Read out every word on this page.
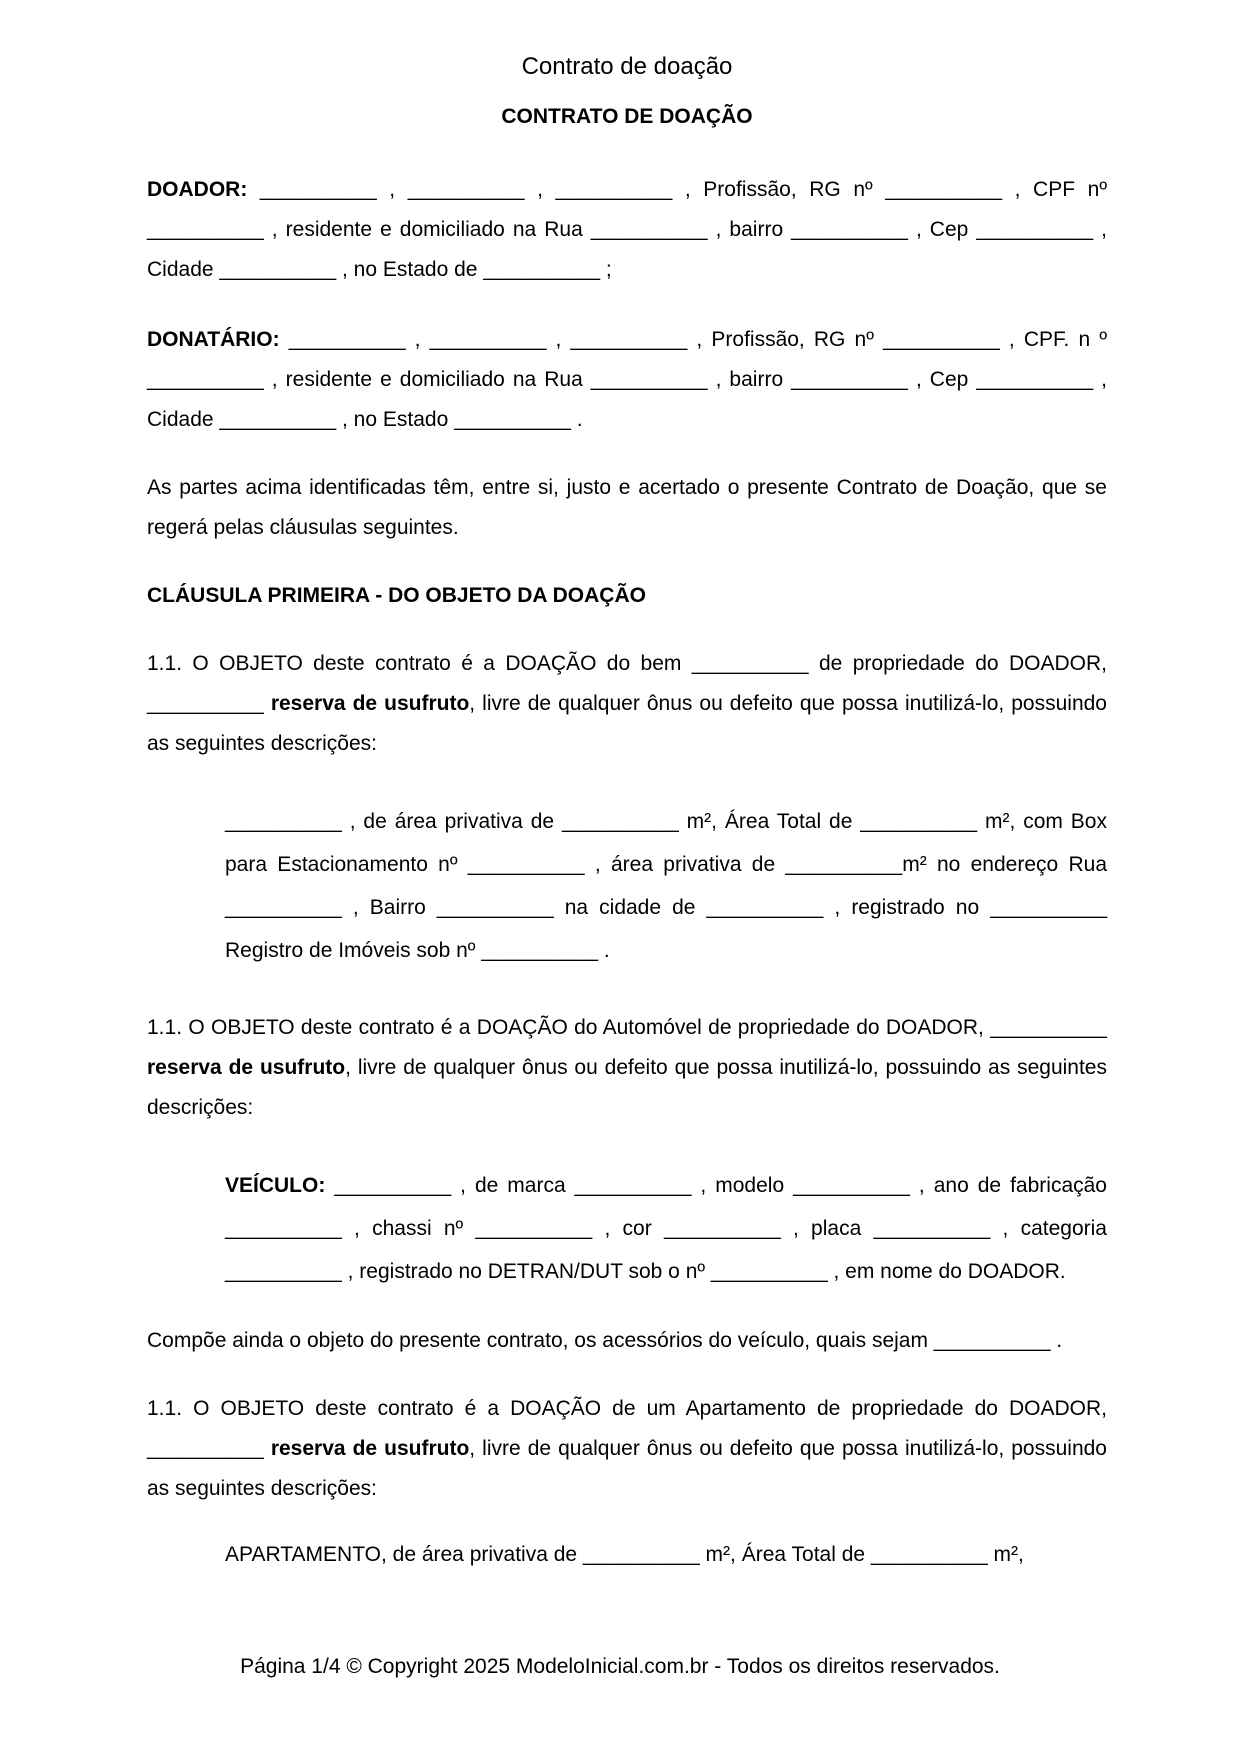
Contrato de doação
CONTRATO DE DOAÇÃO

DOADOR: __________ , __________ , __________ , Profissão, RG nº __________ , CPF nº __________ , residente e domiciliado na Rua __________ , bairro __________ , Cep __________ , Cidade __________ , no Estado de __________ ;

DONATÁRIO: __________ , __________ , __________ , Profissão, RG nº __________ , CPF. n º __________ , residente e domiciliado na Rua __________ , bairro __________ , Cep __________ , Cidade __________ , no Estado __________ .

As partes acima identificadas têm, entre si, justo e acertado o presente Contrato de Doação, que se regerá pelas cláusulas seguintes.

CLÁUSULA PRIMEIRA - DO OBJETO DA DOAÇÃO

1.1. O OBJETO deste contrato é a DOAÇÃO do bem __________ de propriedade do DOADOR, __________ reserva de usufruto, livre de qualquer ônus ou defeito que possa inutilizá-lo, possuindo as seguintes descrições:

__________ , de área privativa de __________ m², Área Total de __________ m², com Box para Estacionamento nº __________ , área privativa de __________m² no endereço Rua __________ , Bairro __________ na cidade de __________ , registrado no __________ Registro de Imóveis sob nº __________ .

1.1. O OBJETO deste contrato é a DOAÇÃO do Automóvel de propriedade do DOADOR, __________ reserva de usufruto, livre de qualquer ônus ou defeito que possa inutilizá-lo, possuindo as seguintes descrições:

VEÍCULO: __________ , de marca __________ , modelo __________ , ano de fabricação __________ , chassi nº __________ , cor __________ , placa __________ , categoria __________ , registrado no DETRAN/DUT sob o nº __________ , em nome do DOADOR.

Compõe ainda o objeto do presente contrato, os acessórios do veículo, quais sejam __________ .

1.1. O OBJETO deste contrato é a DOAÇÃO de um Apartamento de propriedade do DOADOR, __________ reserva de usufruto, livre de qualquer ônus ou defeito que possa inutilizá-lo, possuindo as seguintes descrições:

APARTAMENTO, de área privativa de __________ m², Área Total de __________ m²,

Página 1/4 © Copyright 2025 ModeloInicial.com.br - Todos os direitos reservados.
